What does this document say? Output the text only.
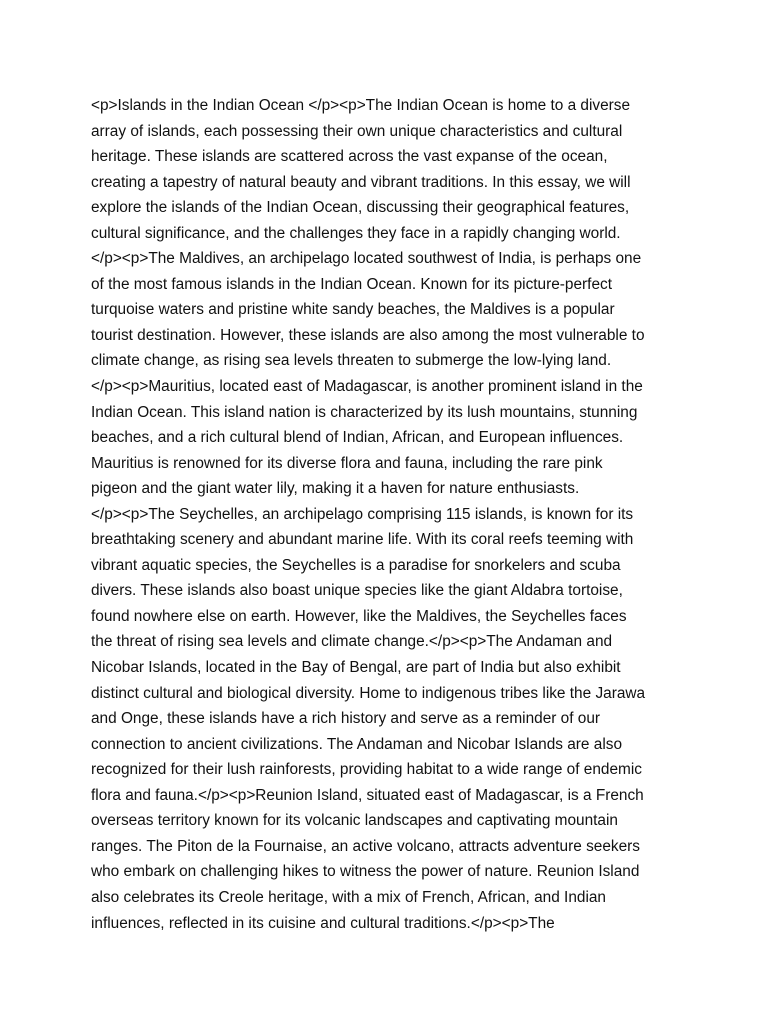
<p>Islands in the Indian Ocean </p><p>The Indian Ocean is home to a diverse
array of islands, each possessing their own unique characteristics and cultural
heritage. These islands are scattered across the vast expanse of the ocean,
creating a tapestry of natural beauty and vibrant traditions. In this essay, we will
explore the islands of the Indian Ocean, discussing their geographical features,
cultural significance, and the challenges they face in a rapidly changing world.
</p><p>The Maldives, an archipelago located southwest of India, is perhaps one
of the most famous islands in the Indian Ocean. Known for its picture-perfect
turquoise waters and pristine white sandy beaches, the Maldives is a popular
tourist destination. However, these islands are also among the most vulnerable to
climate change, as rising sea levels threaten to submerge the low-lying land.
</p><p>Mauritius, located east of Madagascar, is another prominent island in the
Indian Ocean. This island nation is characterized by its lush mountains, stunning
beaches, and a rich cultural blend of Indian, African, and European influences.
Mauritius is renowned for its diverse flora and fauna, including the rare pink
pigeon and the giant water lily, making it a haven for nature enthusiasts.
</p><p>The Seychelles, an archipelago comprising 115 islands, is known for its
breathtaking scenery and abundant marine life. With its coral reefs teeming with
vibrant aquatic species, the Seychelles is a paradise for snorkelers and scuba
divers. These islands also boast unique species like the giant Aldabra tortoise,
found nowhere else on earth. However, like the Maldives, the Seychelles faces
the threat of rising sea levels and climate change.</p><p>The Andaman and
Nicobar Islands, located in the Bay of Bengal, are part of India but also exhibit
distinct cultural and biological diversity. Home to indigenous tribes like the Jarawa
and Onge, these islands have a rich history and serve as a reminder of our
connection to ancient civilizations. The Andaman and Nicobar Islands are also
recognized for their lush rainforests, providing habitat to a wide range of endemic
flora and fauna.</p><p>Reunion Island, situated east of Madagascar, is a French
overseas territory known for its volcanic landscapes and captivating mountain
ranges. The Piton de la Fournaise, an active volcano, attracts adventure seekers
who embark on challenging hikes to witness the power of nature. Reunion Island
also celebrates its Creole heritage, with a mix of French, African, and Indian
influences, reflected in its cuisine and cultural traditions.</p><p>The
